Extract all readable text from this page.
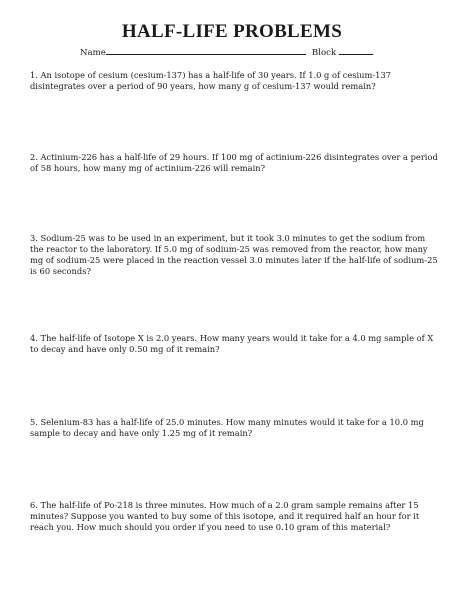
HALF-LIFE PROBLEMS
Name	Block

1. An isotope of cesium (cesium-137) has a half-life of 30 years. If 1.0 g of cesium-137 disintegrates over a period of 90 years, how many g of cesium-137 would remain?

2. Actinium-226 has a half-life of 29 hours. If 100 mg of actinium-226 disintegrates over a period of 58 hours, how many mg of actinium-226 will remain?

3. Sodium-25 was to be used in an experiment, but it took 3.0 minutes to get the sodium from the reactor to the laboratory. If 5.0 mg of sodium-25 was removed from the reactor, how many mg of sodium-25 were placed in the reaction vessel 3.0 minutes later if the half-life of sodium-25 is 60 seconds?

4. The half-life of Isotope X is 2.0 years. How many years would it take for a 4.0 mg sample of X to decay and have only 0.50 mg of it remain?

5. Selenium-83 has a half-life of 25.0 minutes. How many minutes would it take for a 10.0 mg sample to decay and have only 1.25 mg of it remain?

6. The half-life of Po-218 is three minutes. How much of a 2.0 gram sample remains after 15 minutes? Suppose you wanted to buy some of this isotope, and it required half an hour for it reach you. How much should you order if you need to use 0.10 gram of this material?
